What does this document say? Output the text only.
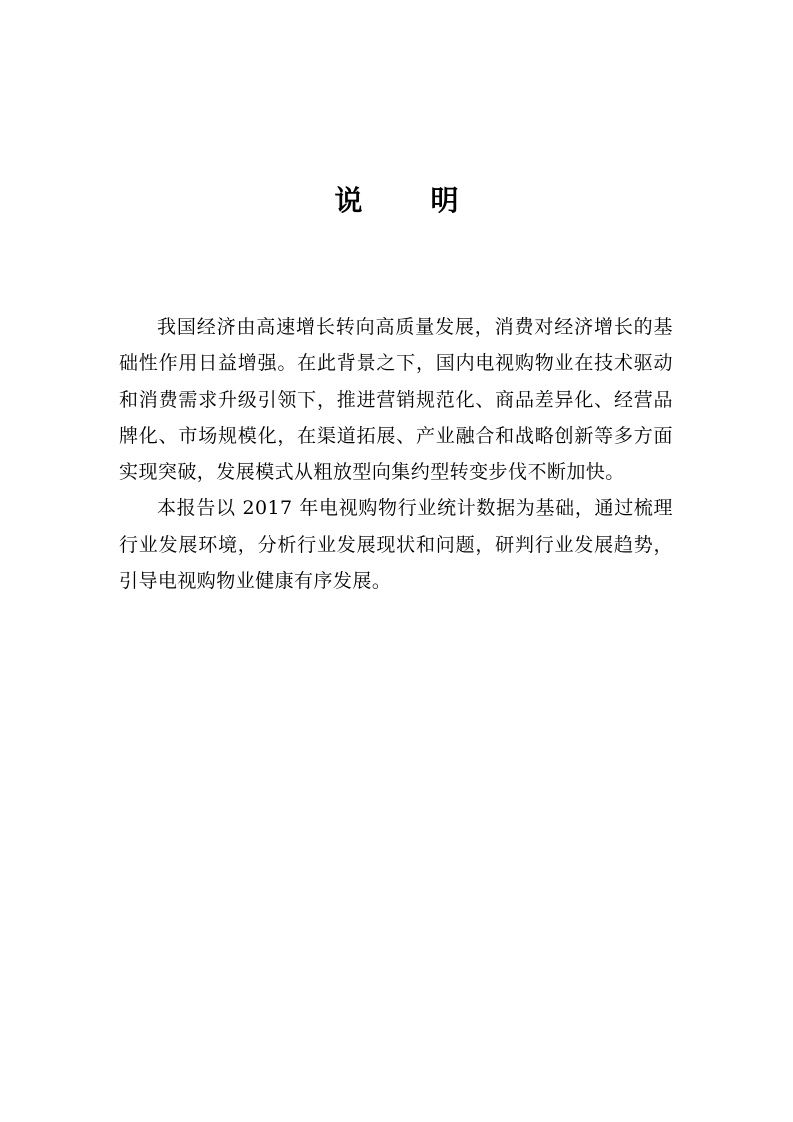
说 明

我国经济由高速增长转向高质量发展，消费对经济增长的基础性作用日益增强。在此背景之下，国内电视购物业在技术驱动和消费需求升级引领下，推进营销规范化、商品差异化、经营品牌化、市场规模化，在渠道拓展、产业融合和战略创新等多方面实现突破，发展模式从粗放型向集约型转变步伐不断加快。

本报告以 2017 年电视购物行业统计数据为基础，通过梳理行业发展环境，分析行业发展现状和问题，研判行业发展趋势，引导电视购物业健康有序发展。
